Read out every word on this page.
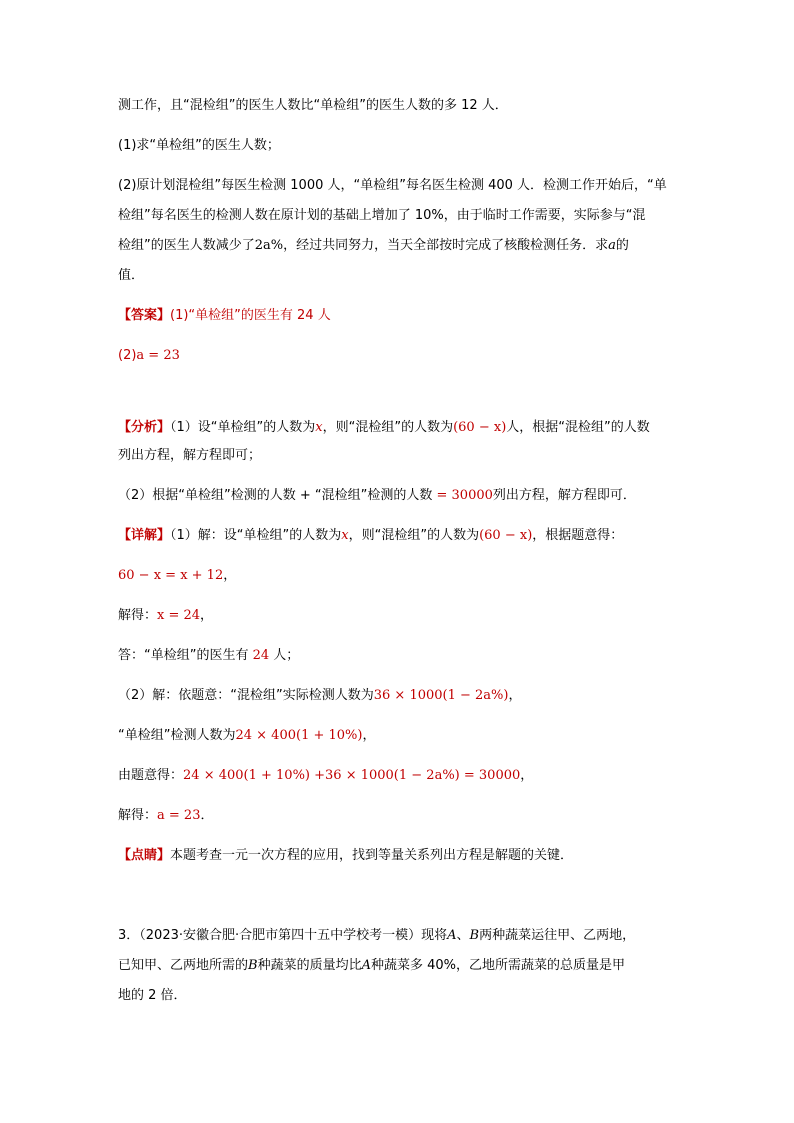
测工作，且“混检组”的医生人数比“单检组”的医生人数的多 12 人．
(1)求“单检组”的医生人数；
(2)原计划混检组”每医生检测 1000 人，“单检组”每名医生检测 400 人．检测工作开始后，“单
检组”每名医生的检测人数在原计划的基础上增加了 10%，由于临时工作需要，实际参与“混
检组”的医生人数减少了2a%，经过共同努力，当天全部按时完成了核酸检测任务．求a的
值．
【答案】(1)“单检组”的医生有 24 人
(2)a = 23
【分析】（1）设“单检组”的人数为x，则“混检组”的人数为(60 − x)人，根据“混检组”的人数
列出方程，解方程即可；
（2）根据“单检组”检测的人数 + “混检组”检测的人数 = 30000列出方程，解方程即可．
【详解】（1）解：设“单检组”的人数为x，则“混检组”的人数为(60 − x)，根据题意得：
60 − x = x + 12，
解得：x = 24，
答：“单检组”的医生有 24 人；
（2）解：依题意：“混检组”实际检测人数为36 × 1000(1 − 2a%)，
“单检组”检测人数为24 × 400(1 + 10%)，
由题意得：24 × 400(1 + 10%) +36 × 1000(1 − 2a%) = 30000，
解得：a = 23．
【点睛】本题考查一元一次方程的应用，找到等量关系列出方程是解题的关键．
3．（2023·安徽合肥·合肥市第四十五中学校考一模）现将A、B两种蔬菜运往甲、乙两地，
已知甲、乙两地所需的B种蔬菜的质量均比A种蔬菜多 40%，乙地所需蔬菜的总质量是甲
地的 2 倍．
